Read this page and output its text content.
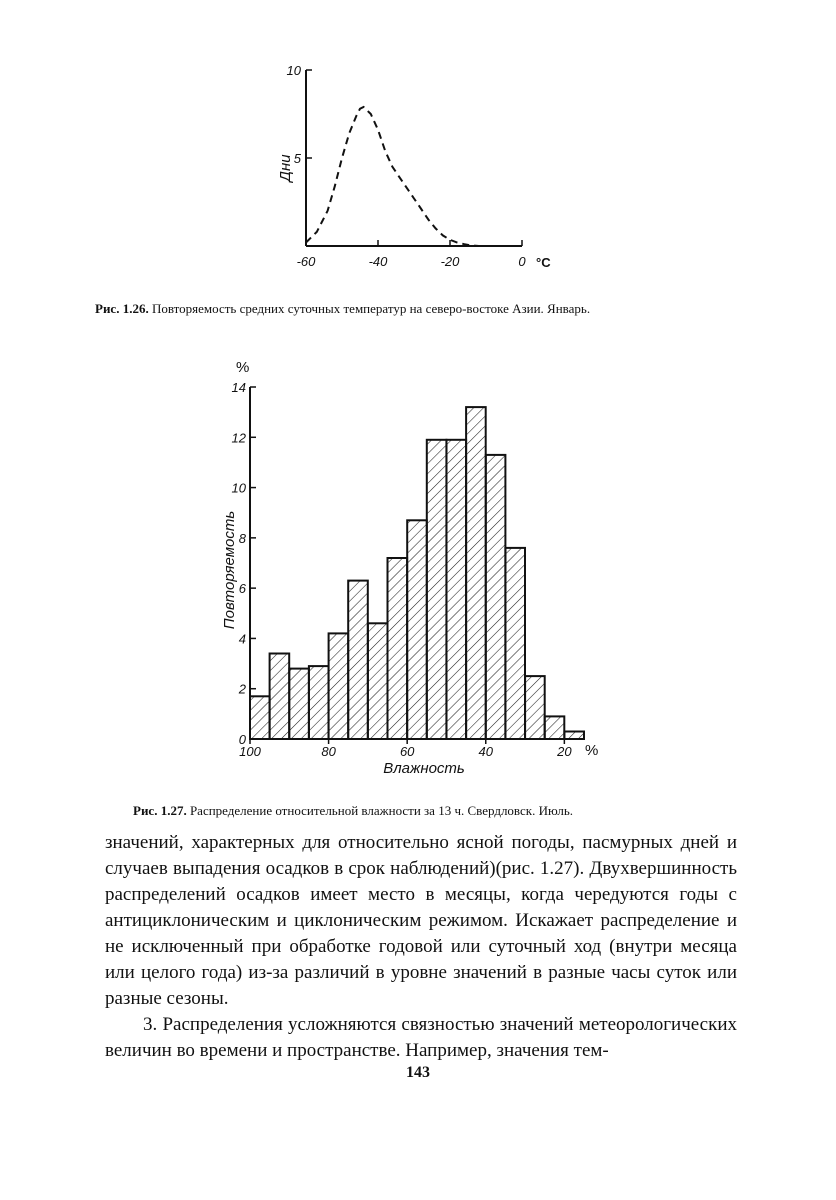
-60	-40	-20	0
5
10
Дни
°C
Рис. 1.26. Повторяемость средних суточных температур на северо-востоке Азии. Январь.
%
0
2
4
6
8
10
12
14
100	80	60	40	20
Повторяемость
Влажность
%
Рис. 1.27. Распределение относительной влажности за 13 ч. Свердловск. Июль.

значений, характерных для относительно ясной погоды, пасмурных дней и случаев выпадения осадков в срок наблюдений)(рис. 1.27). Двухвершинность распределений осадков имеет место в месяцы, когда чередуются годы с антициклоническим и циклоническим режимом. Искажает распределение и не исключенный при обработке годовой или суточный ход (внутри месяца или целого года) из-за различий в уровне значений в разные часы суток или разные сезоны.

3. Распределения усложняются связностью значений метеорологических величин во времени и пространстве. Например, значения тем-

143
